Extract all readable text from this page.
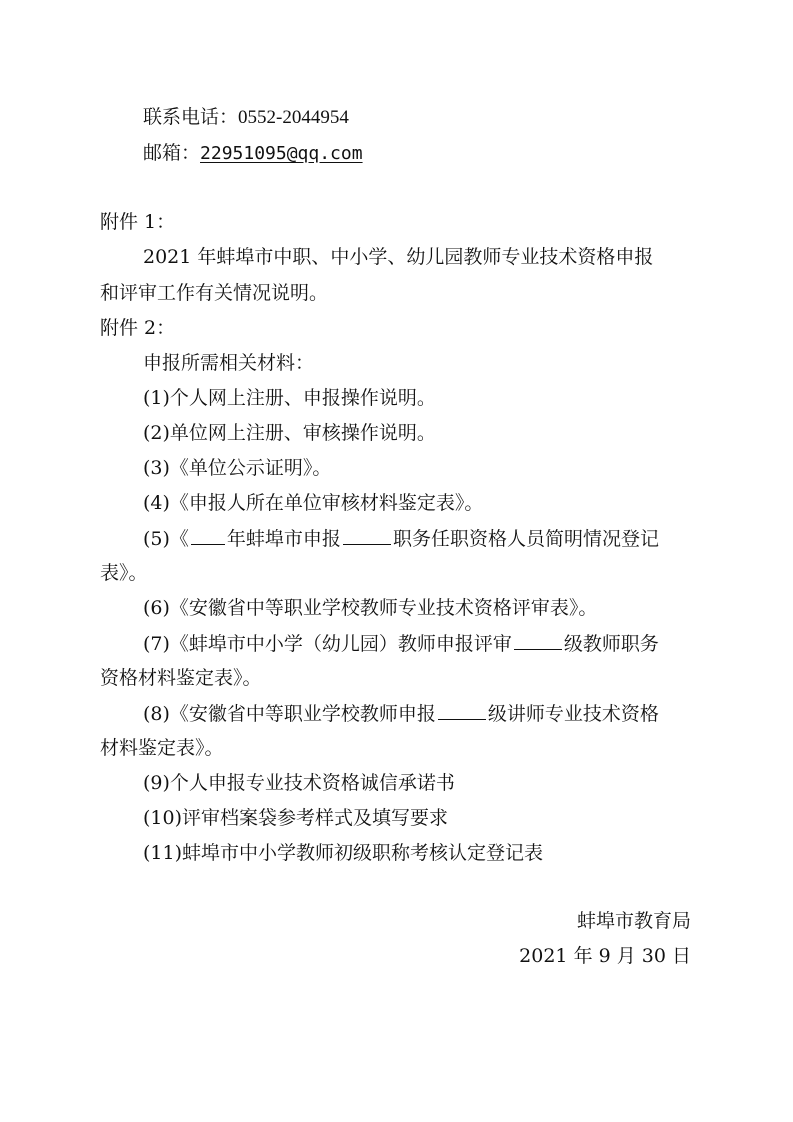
联系电话：0552-2044954
邮箱：22951095@qq.com
附件 1：
2021 年蚌埠市中职、中小学、幼儿园教师专业技术资格申报
和评审工作有关情况说明。
附件 2：
申报所需相关材料：
(1)个人网上注册、申报操作说明。
(2)单位网上注册、审核操作说明。
(3)《单位公示证明》。
(4)《申报人所在单位审核材料鉴定表》。
(5)《 年蚌埠市申报	职务任职资格人员简明情况登记
表》。
(6)《安徽省中等职业学校教师专业技术资格评审表》。
(7)《蚌埠市中小学（幼儿园）教师申报评审	级教师职务
资格材料鉴定表》。
(8)《安徽省中等职业学校教师申报	级讲师专业技术资格
材料鉴定表》。
(9)个人申报专业技术资格诚信承诺书
(10)评审档案袋参考样式及填写要求
(11)蚌埠市中小学教师初级职称考核认定登记表
蚌埠市教育局
2021 年 9 月 30 日
